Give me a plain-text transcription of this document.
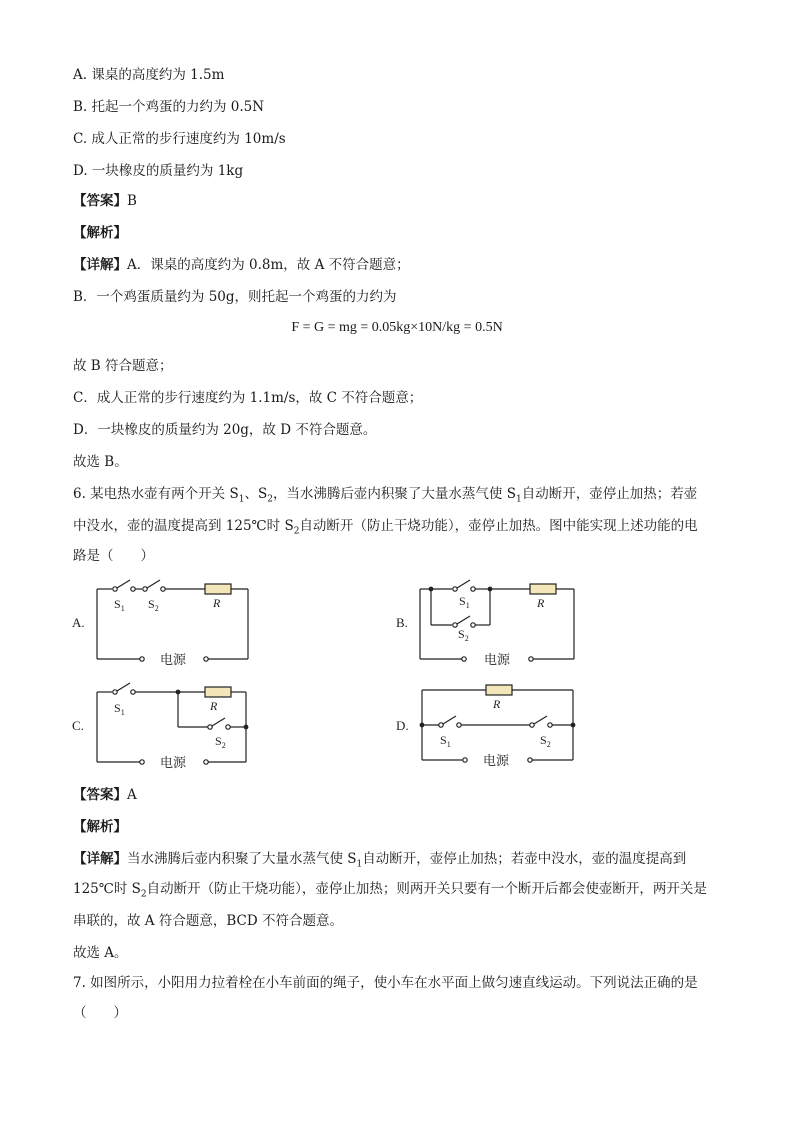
A. 课桌的高度约为 1.5m
B. 托起一个鸡蛋的力约为 0.5N
C. 成人正常的步行速度约为 10m/s
D. 一块橡皮的质量约为 1kg
【答案】B
【解析】
【详解】A．课桌的高度约为 0.8m，故 A 不符合题意；
B．一个鸡蛋质量约为 50g，则托起一个鸡蛋的力约为
F = G = mg = 0.05kg×10N/kg = 0.5N
故 B 符合题意；
C．成人正常的步行速度约为 1.1m/s，故 C 不符合题意；
D．一块橡皮的质量约为 20g，故 D 不符合题意。
故选 B。
6. 某电热水壶有两个开关 $S_1$、$S_2$，当水沸腾后壶内积聚了大量水蒸气使 $S_1$自动断开，壶停止加热；若壶
中没水，壶的温度提高到 125℃时 $S_2$自动断开（防止干烧功能），壶停止加热。图中能实现上述功能的电
路是（　　）
A.
$S_1$ $S_2$	R
电源
B.
$S_1$
$S_2$
R
电源
C.
$S_1$
$S_2$
R
电源
D.
$S_1$	$S_2$
R
电源
【答案】A
【解析】
【详解】当水沸腾后壶内积聚了大量水蒸气使 $S_1$自动断开，壶停止加热；若壶中没水，壶的温度提高到
125℃时 $S_2$自动断开（防止干烧功能），壶停止加热；则两开关只要有一个断开后都会使壶断开，两开关是
串联的，故 A 符合题意，BCD 不符合题意。
故选 A。
7. 如图所示，小阳用力拉着栓在小车前面的绳子，使小车在水平面上做匀速直线运动。下列说法正确的是
（　　）
